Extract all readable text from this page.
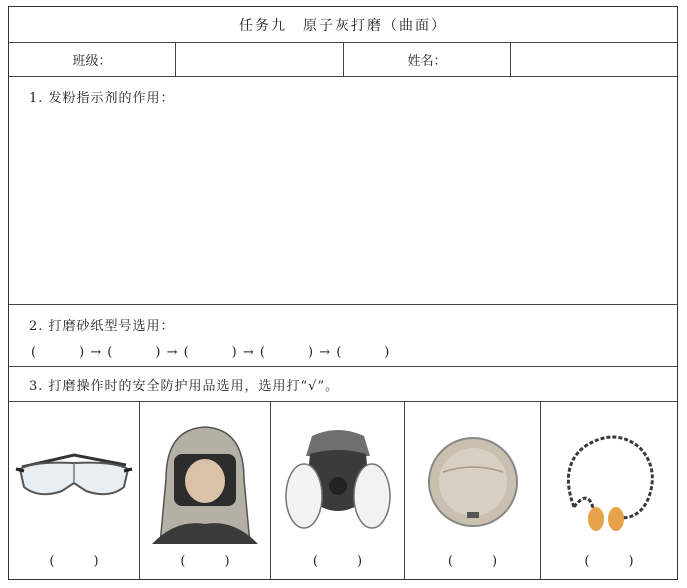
任务九　原子灰打磨（曲面）
班级：	姓名：
1. 发粉指示剂的作用：
2. 打磨砂纸型号选用：
(　　　) → (　　　) → (　　　) → (　　　) → (　　　)
3. 打磨操作时的安全防护用品选用，选用打“√”。
(　　　)	(　　　)	(　　　)	(　　　)	(　　　)
